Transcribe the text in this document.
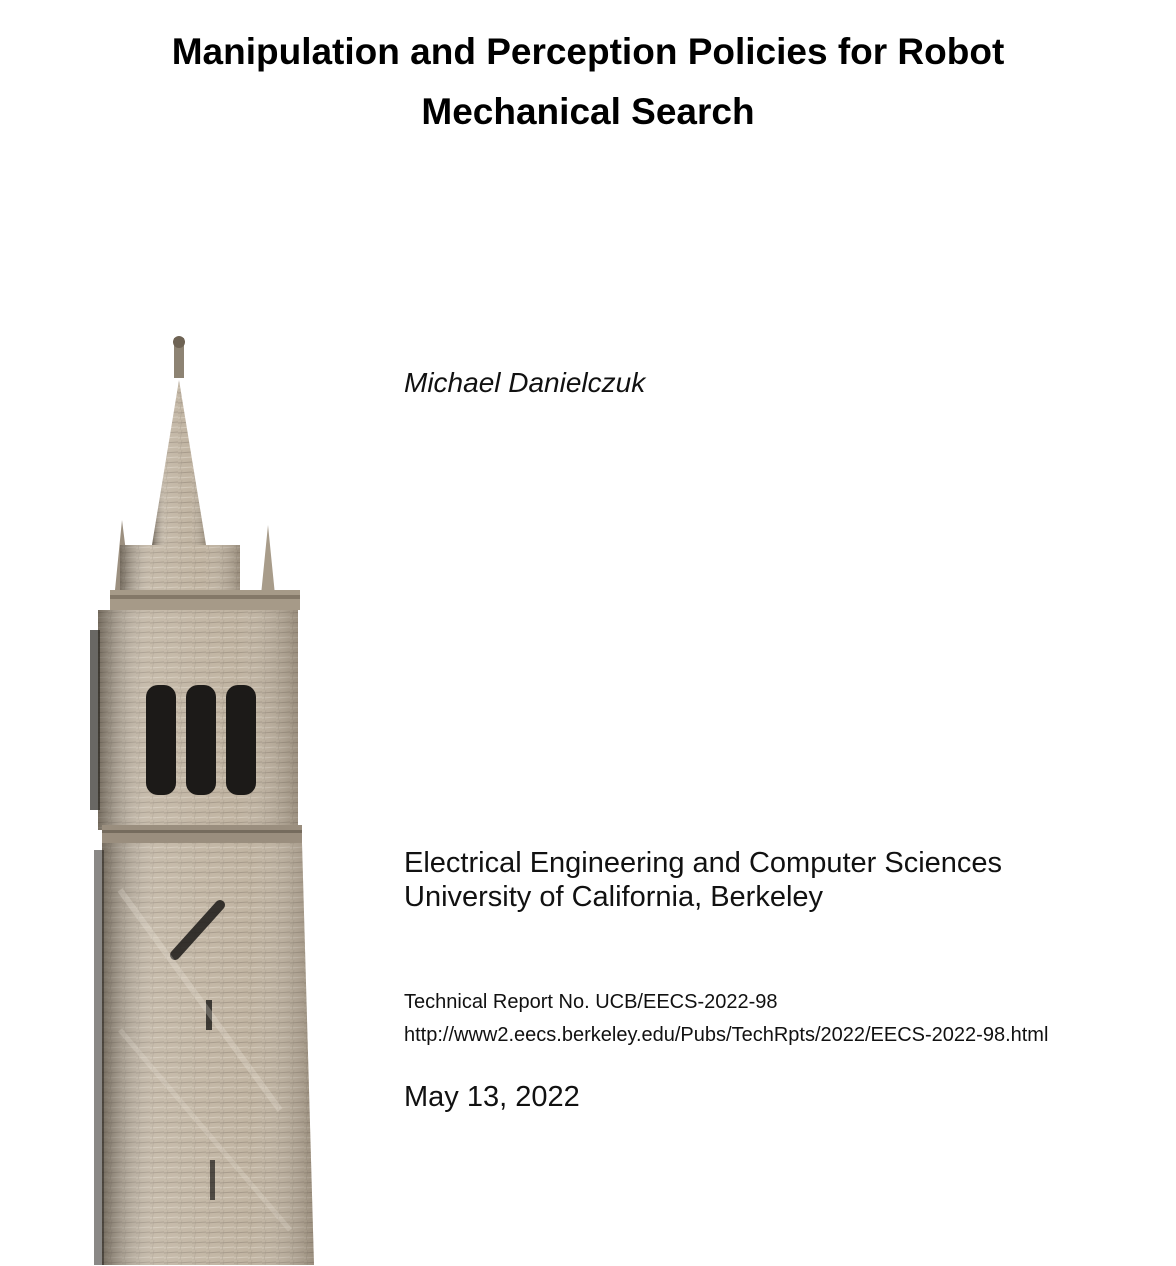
Manipulation and Perception Policies for Robot
Mechanical Search
Michael Danielczuk
Electrical Engineering and Computer Sciences
University of California, Berkeley
Technical Report No. UCB/EECS-2022-98
http://www2.eecs.berkeley.edu/Pubs/TechRpts/2022/EECS-2022-98.html
May 13, 2022
